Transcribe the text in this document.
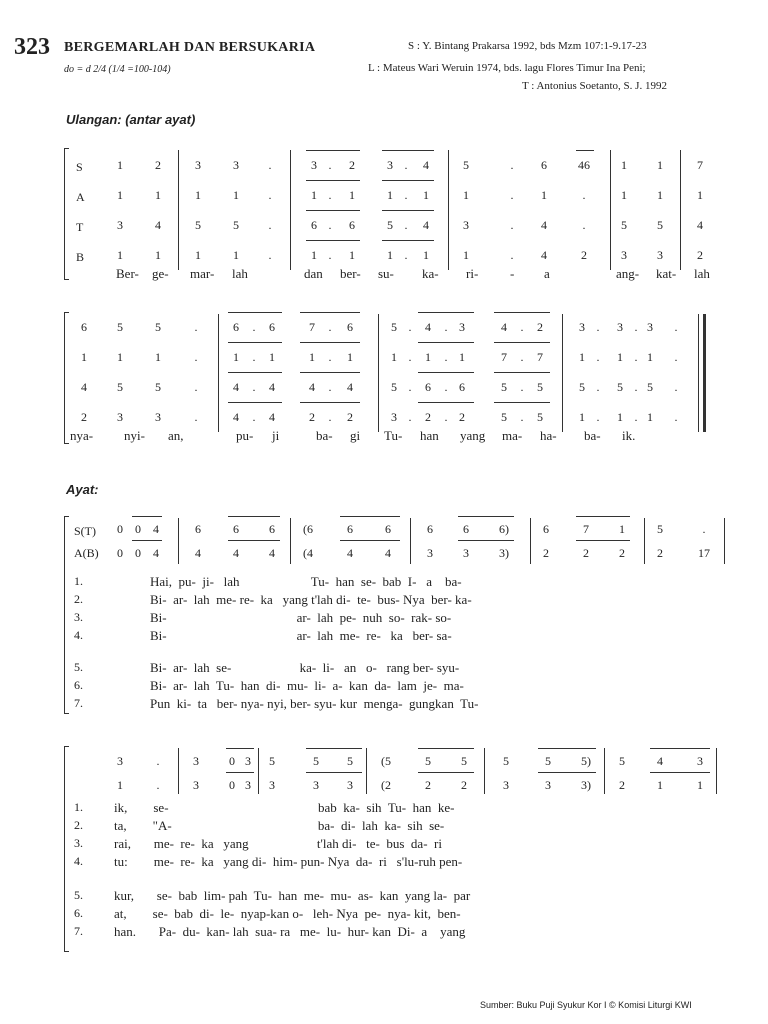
323 BERGEMARLAH DAN BERSUKARIA
do = d 2/4 (1/4 =100-104)
S : Y. Bintang Prakarsa 1992, bds Mzm 107:1-9.17-23
L : Mateus Wari Weruin 1974, bds. lagu Flores Timur Ina Peni;
T : Antonius Soetanto, S. J. 1992
Ulangan: (antar ayat)
S
A
T
B
1	2	3	3	.	3 .	2	3 .	4	5	.	6	46	1	1	7
1	1	1	1	.	1 .	1	1 .	1	1	.	1	.	1	1	1
3	4	5	5	.	6 .	6	5 .	4	3	.	4	.	5	5	4
1	1	1	1	.	1 .	1	1 .	1	1	.	4	2	3	3	2
Ber- ge- mar- lah	dan ber- su- ka- ri- - a	ang- kat- lah
6	5	5	.	6	.	6	7	.	6	5 .	4	. 3	4	.	2	3 .	3 . 3	.
1	1	1	.	1	.	1	1	.	1	1 .	1	. 1	7	.	7	1 .	1 . 1	.
4	5	5	.	4	.	4	4	.	4	5 .	6	. 6	5	.	5	5 .	5 . 5	.
2	3	3	.	4	.	4	2	.	2	3 .	2	. 2	5	.	5	1 .	1 . 1	.
nya- nyi- an,	pu- ji	ba- gi Tu- han yang ma- ha- ba- ik.
Ayat:
S(T)
A(B)
0	0	4	6	6	6	(6	6	6	6	6	6)	6	7	1	5	.
0	0	4	4	4	4	(4	4	4	3	3	3)	2	2	2	2	17
1.	Hai,  pu-  ji-   lah                      Tu-  han  se-  bab  I-   a    ba-
2.	Bi-  ar-  lah  me- re-  ka   yang t'lah di-  te-  bus- Nya  ber- ka-
3.	Bi-                                        ar-  lah  pe-  nuh  so-  rak- so-
4.	Bi-                                        ar-  lah  me-  re-   ka   ber- sa-
5.	Bi-  ar-  lah  se-                     ka-  li-   an   o-   rang ber- syu-
6.	Bi-  ar-  lah  Tu-  han  di-  mu-  li-  a-  kan  da-  lam  je-  ma-
7.	Pun  ki-  ta   ber- nya- nyi, ber- syu- kur  menga-  gungkan  Tu-
3	.	3	0 3	5	5	5	(5	5	5	5	5	5)	5	4	3
1	.	3	0 3	3	3	3	(2	2	2	3	3	3)	2	1	1
1. ik,        se-                                              bab  ka-  sih  Tu-  han  ke-
2. ta,        "A-                                             ba-  di-  lah  ka-  sih  se-
3. rai,       me-  re-  ka   yang                     t'lah di-   te-  bus  da-  ri
4. tu:        me-  re-  ka   yang di-  him- pun- Nya  da-  ri   s'lu-ruh pen-
5. kur,       se-  bab  lim- pah  Tu-  han  me-  mu-  as-  kan  yang la-  par
6. at,        se-  bab  di-  le-  nyap-kan o-   leh- Nya  pe-  nya- kit,  ben-
7. han.       Pa-  du-  kan- lah  sua- ra   me-  lu-  hur- kan  Di-  a    yang
Sumber: Buku Puji Syukur Kor I © Komisi Liturgi KWI
